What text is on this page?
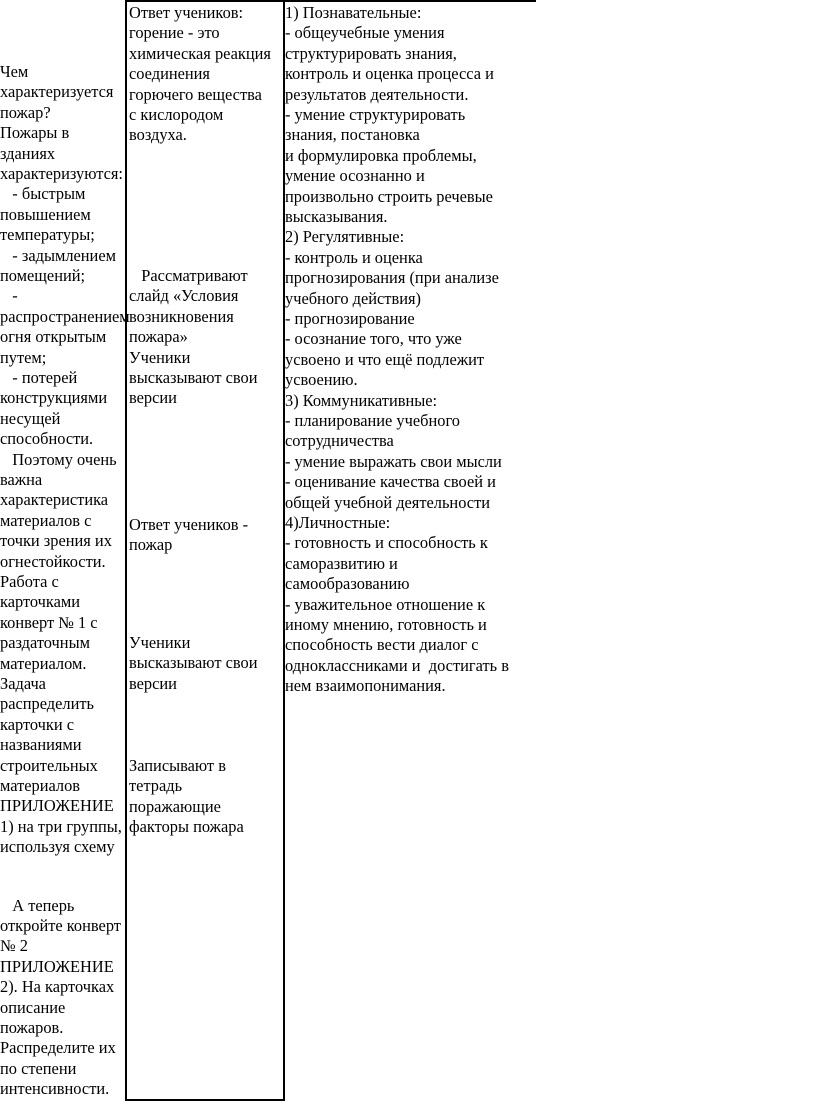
Чем

характеризуется

пожар?

Пожары в

зданиях

характеризуются:

- быстрым

повышением

температуры;

- задымлением

помещений;

-

распространением

огня открытым

путем;

- потерей

конструкциями

несущей

способности.

Поэтому очень

важна

характеристика

материалов с

точки зрения их

огнестойкости.

Работа с

карточками

конверт № 1 с

раздаточным

материалом.

Задача

распределить

карточки с

названиями

строительных

материалов

ПРИЛОЖЕНИЕ

1) на три группы,

используя схему

А теперь

откройте конверт

№ 2

ПРИЛОЖЕНИЕ

2). На карточках

описание

пожаров.

Распределите их

по степени

интенсивности.

Ответ учеников:

горение - это

химическая реакция

соединения

горючего вещества

с кислородом

воздуха.

Рассматривают

слайд «Условия

возникновения

пожара»

Ученики

высказывают свои

версии

Ответ учеников -

пожар

Ученики

высказывают свои

версии

Записывают в

тетрадь

поражающие

факторы пожара

1) Познавательные:

- общеучебные умения

структурировать знания,

контроль и оценка процесса и

результатов деятельности.

- умение структурировать

знания, постановка

и формулировка проблемы,

умение осознанно и

произвольно строить речевые

высказывания.

2) Регулятивные:

- контроль и оценка

прогнозирования (при анализе

учебного действия)

- прогнозирование

- осознание того, что уже

усвоено и что ещё подлежит

усвоению.

3) Коммуникативные:

- планирование учебного

сотрудничества

- умение выражать свои мысли

- оценивание качества своей и

общей учебной деятельности

4)Личностные:

- готовность и способность к

саморазвитию и

самообразованию

- уважительное отношение к

иному мнению, готовность и

способность вести диалог с

одноклассниками и  достигать в

нем взаимопонимания.
